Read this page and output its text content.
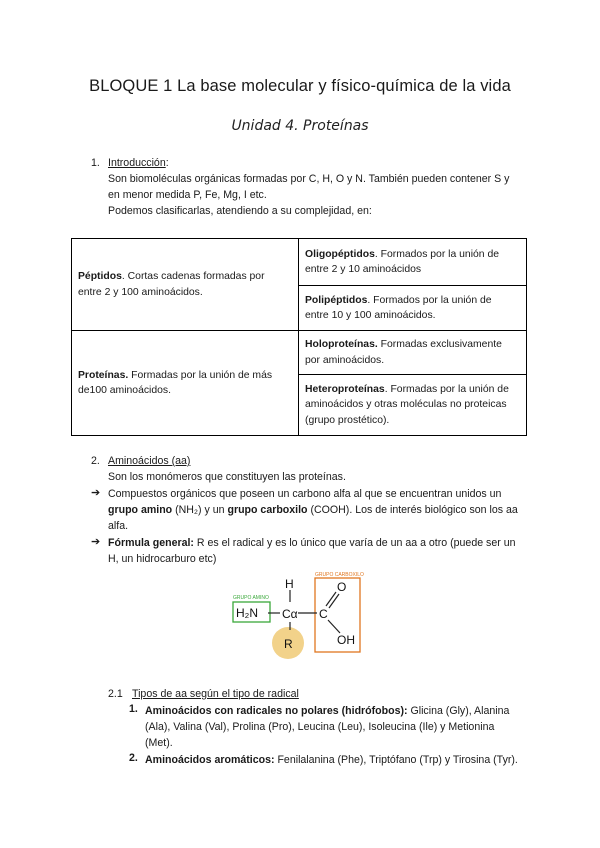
BLOQUE 1 La base molecular y físico-química de la vida
Unidad 4. Proteínas
1. Introducción:
Son biomoléculas orgánicas formadas por C, H, O y N. También pueden contener S y
en menor medida P, Fe, Mg, I etc.
Podemos clasificarlas, atendiendo a su complejidad, en:
Péptidos. Cortas cadenas formadas por
entre 2 y 100 aminoácidos.	Oligopéptidos. Formados por la unión de
entre 2 y 10 aminoácidos
	Polipéptidos. Formados por la unión de
entre 10 y 100 aminoácidos.
Proteínas. Formadas por la unión de más
de100 aminoácidos.	Holoproteínas. Formadas exclusivamente
por aminoácidos.
	Heteroproteínas. Formadas por la unión de
aminoácidos y otras moléculas no proteicas
(grupo prostético).
2. Aminoácidos (aa)
Son los monómeros que constituyen las proteínas.
➔ Compuestos orgánicos que poseen un carbono alfa al que se encuentran unidos un
grupo amino (NH₂) y un grupo carboxilo (COOH). Los de interés biológico son los aa
alfa.
➔ Fórmula general: R es el radical y es lo único que varía de un aa a otro (puede ser un
H, un hidrocarburo etc)
GRUPO AMINO
GRUPO CARBOXILO
H
H₂N Cα C
O
OH
R
2.1 Tipos de aa según el tipo de radical
1. Aminoácidos con radicales no polares (hidrófobos): Glicina (Gly), Alanina
(Ala), Valina (Val), Prolina (Pro), Leucina (Leu), Isoleucina (Ile) y Metionina
(Met).
2. Aminoácidos aromáticos: Fenilalanina (Phe), Triptófano (Trp) y Tirosina (Tyr).
